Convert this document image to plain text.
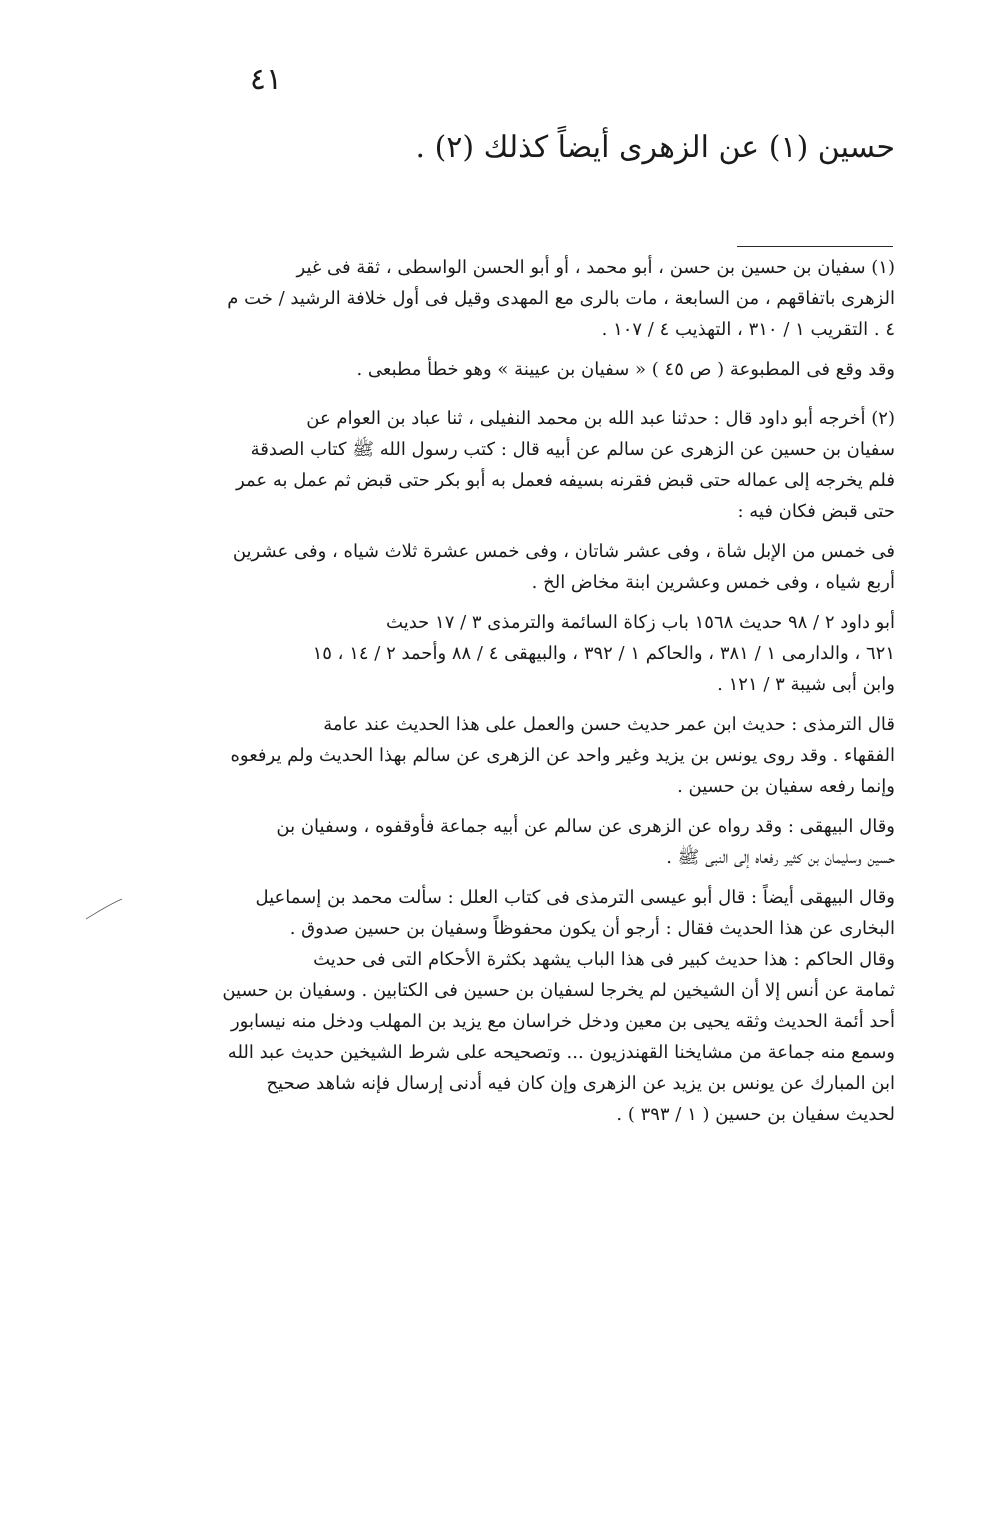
٤١
حسين (١) عن الزهرى أيضاً كذلك (٢) .
(١) سفيان بن حسين بن حسن ، أبو محمد ، أو أبو الحسن الواسطى ، ثقة فى غير
الزهرى باتفاقهم ، من السابعة ، مات بالرى مع المهدى وقيل فى أول خلافة الرشيد / خت م
٤ . التقريب ١ / ٣١٠ ، التهذيب ٤ / ١٠٧ .
وقد وقع فى المطبوعة ( ص ٤٥ ) « سفيان بن عيينة » وهو خطأ مطبعى .
(٢) أخرجه أبو داود قال : حدثنا عبد الله بن محمد النفيلى ، ثنا عباد بن العوام عن
سفيان بن حسين عن الزهرى عن سالم عن أبيه قال : كتب رسول الله ﷺ كتاب الصدقة
فلم يخرجه إلى عماله حتى قبض فقرنه بسيفه فعمل به أبو بكر حتى قبض ثم عمل به عمر
حتى قبض فكان فيه :
فى خمس من الإبل شاة ، وفى عشر شاتان ، وفى خمس عشرة ثلاث شياه ، وفى عشرين
أربع شياه ، وفى خمس وعشرين ابنة مخاض الخ .
أبو داود ٢ / ٩٨ حديث ١٥٦٨ باب زكاة السائمة والترمذى ٣ / ١٧ حديث
٦٢١ ، والدارمى ١ / ٣٨١ ، والحاكم ١ / ٣٩٢ ، والبيهقى ٤ / ٨٨ وأحمد ٢ / ١٤ ، ١٥
وابن أبى شيبة ٣ / ١٢١ .
قال الترمذى : حديث ابن عمر حديث حسن والعمل على هذا الحديث عند عامة
الفقهاء . وقد روى يونس بن يزيد وغير واحد عن الزهرى عن سالم بهذا الحديث ولم يرفعوه
وإنما رفعه سفيان بن حسين .
وقال البيهقى : وقد رواه عن الزهرى عن سالم عن أبيه جماعة فأوقفوه ، وسفيان بن
حسين وسليمان بن كثير رفعاه إلى النبى ﷺ .
وقال البيهقى أيضاً : قال أبو عيسى الترمذى فى كتاب العلل : سألت محمد بن إسماعيل
البخارى عن هذا الحديث فقال : أرجو أن يكون محفوظاً وسفيان بن حسين صدوق .
وقال الحاكم : هذا حديث كبير فى هذا الباب يشهد بكثرة الأحكام التى فى حديث
ثمامة عن أنس إلا أن الشيخين لم يخرجا لسفيان بن حسين فى الكتابين . وسفيان بن حسين
أحد أئمة الحديث وثقه يحيى بن معين ودخل خراسان مع يزيد بن المهلب ودخل منه نيسابور
وسمع منه جماعة من مشايخنا القهندزيون ... وتصحيحه على شرط الشيخين حديث عبد الله
ابن المبارك عن يونس بن يزيد عن الزهرى وإن كان فيه أدنى إرسال فإنه شاهد صحيح
لحديث سفيان بن حسين ( ١ / ٣٩٣ ) .
